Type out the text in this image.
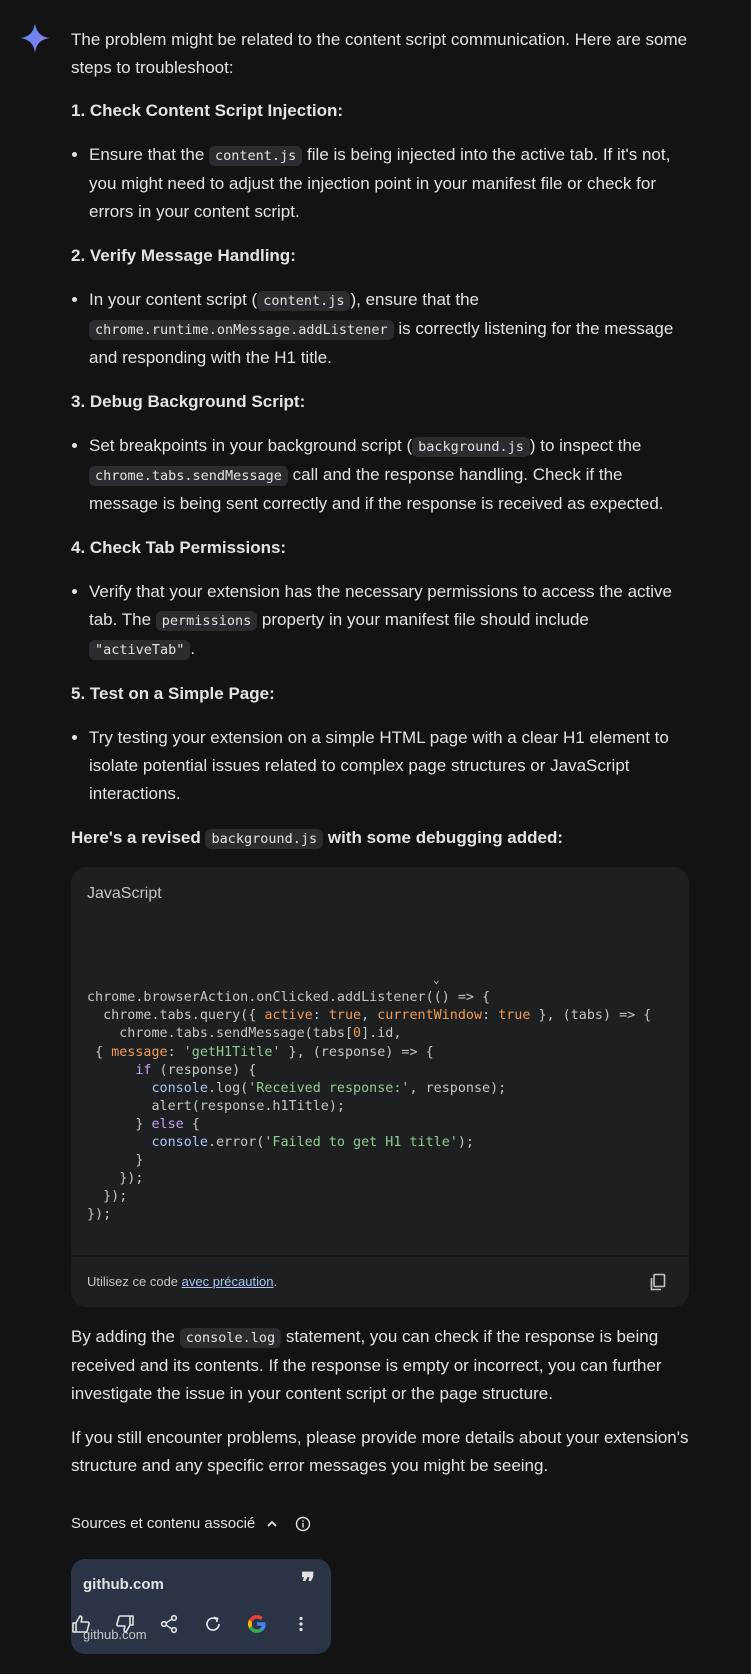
The problem might be related to the content script communication. Here are some steps to troubleshoot:

1. Check Content Script Injection:
• Ensure that the content.js file is being injected into the active tab. If it's not, you might need to adjust the injection point in your manifest file or check for errors in your content script.
2. Verify Message Handling:
• In your content script ( content.js ), ensure that the chrome.runtime.onMessage.addListener is correctly listening for the message and responding with the H1 title.
3. Debug Background Script:
• Set breakpoints in your background script ( background.js ) to inspect the chrome.tabs.sendMessage call and the response handling. Check if the message is being sent correctly and if the response is received as expected.
4. Check Tab Permissions:
• Verify that your extension has the necessary permissions to access the active tab. The permissions property in your manifest file should include "activeTab" .
5. Test on a Simple Page:
• Try testing your extension on a simple HTML page with a clear H1 element to isolate potential issues related to complex page structures or JavaScript interactions.
Here's a revised background.js with some debugging added:
JavaScript

⌄

chrome.browserAction.onClicked.addListener(() => {
chrome.tabs.query({ active: true, currentWindow: true }, (tabs) => {
chrome.tabs.sendMessage(tabs[0].id,
{ message: 'getH1Title' }, (response) => {
if (response) {
console.log('Received response:', response);
alert(response.h1Title);
} else {
console.error('Failed to get H1 title');
}
});
});
});
Utilisez ce code avec précaution.

By adding the console.log statement, you can check if the response is being received and its contents. If the response is empty or incorrect, you can further investigate the issue in your content script or the page structure.

If you still encounter problems, please provide more details about your extension's structure and any specific error messages you might be seeing.

Sources et contenu associé
github.com	❞
github.com
